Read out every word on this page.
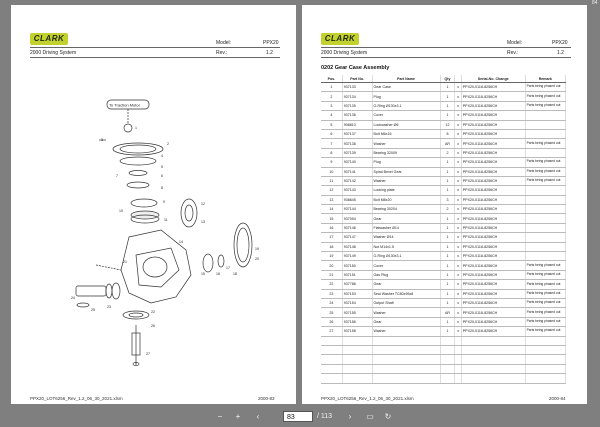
CLARK	Model:	PPX20
2000 Driving System	Rev.:	1.2
To Traction Motor
1
2
3
4
5
6
7
8
9
10
11
12
13
14
15	16
17
18
19
20
21
22
23
24
25
26
27
PPX20_LOT6256_Rev_1.2_06_30_2021.xlsm	2000-83
CLARK	Model:	PPX20
2000 Driving System	Rev.:	1.2
0202 Gear Case Assembly
Pos.	Part No.	Part Name	Qty		Serial-No. Change	Remark
1	937133	Gear Case	1	x	PPX20-0118-8256CH	Parts being phased out
2	937134	Plug	1	x	PPX20-0118-8256CH	Parts being phased out
3	937135	O-Ring Ø130x3.1	1	x	PPX20-0118-8256CH	Parts being phased out
4	937136	Cover	1	x	PPX20-0118-8256CH	
5	908810	Lockwasher Ø6	12	x	PPX20-0118-8256CH	
6	937137	Bolt M6x16	8	x	PPX20-0118-8256CH	
7	937138	Washer	AR	x	PPX20-0118-8256CH	Parts being phased out
8	937139	Bearing 32009	2	x	PPX20-0118-8256CH	
9	937140	Plug	1	x	PPX20-0118-8256CH	Parts being phased out
10	937141	Spiral Bevel Gear	1	x	PPX20-0118-8256CH	Parts being phased out
11	937142	Washer	1	x	PPX20-0118-8256CH	Parts being phased out
12	937143	Locking plate	1	x	PPX20-0118-8256CH	
13	938645	Bolt M8x20	3	x	PPX20-0118-8256CH	
14	937144	Bearing 30204	2	x	PPX20-0118-8256CH	
15	937094	Gear	1	x	PPX20-0118-8256CH	
16	937146	Flatwasher Ø14	1	x	PPX20-0118-8256CH	
17	937147	Washer Ø14	1	x	PPX20-0118-8256CH	
18	937148	Nut M14x1.5	1	x	PPX20-0118-8256CH	
19	937149	O-Ring Ø130x3.1	1	x	PPX20-0118-8256CH	
20	937150	Cover	1	x	PPX20-0118-8256CH	Parts being phased out
21	937151	Gas Plug	1	x	PPX20-0118-8256CH	Parts being phased out
22	937786	Gear	1	x	PPX20-0118-8256CH	Parts being phased out
23	937153	Seal Washer TC80x95x8	1	x	PPX20-0118-8256CH	Parts being phased out
24	937154	Output Shaft	1	x	PPX20-0118-8256CH	Parts being phased out
25	937155	Washer	AR	x	PPX20-0118-8256CH	Parts being phased out
26	937156	Gear	1	x	PPX20-0118-8256CH	Parts being phased out
27	937158	Washer	1	x	PPX20-0118-8256CH	Parts being phased out

PPX20_LOT6256_Rev_1.2_06_30_2021.xlsm	2000-84
84
−	+	‹	83	/ 113	›	▭	↻
